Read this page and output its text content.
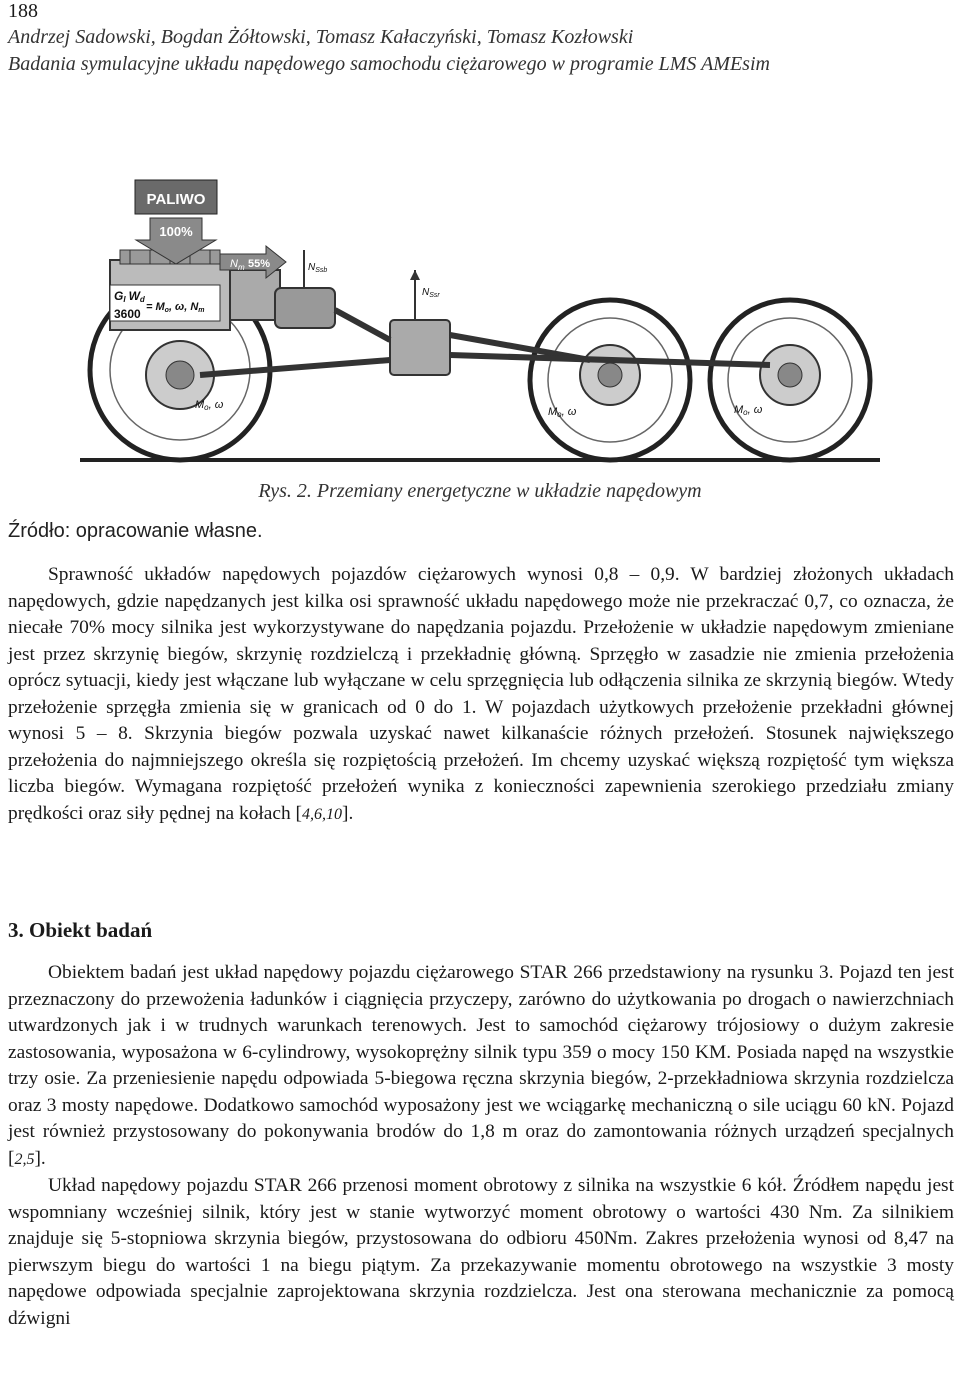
188
Andrzej Sadowski, Bogdan Żółtowski, Tomasz Kałaczyński, Tomasz Kozłowski
Badania symulacyjne układu napędowego samochodu ciężarowego w programie LMS AMEsim
PALIWO
100%
$N_m$ 55%
GI Wd
= Mo, ω, Nm
3600
$N_{Ssb}$
$N_{Ssr}$
Mo, ω
Mo, ω	Mo, ω
Rys. 2. Przemiany energetyczne w układzie napędowym
Źródło: opracowanie własne.

Sprawność układów napędowych pojazdów ciężarowych wynosi 0,8 – 0,9. W bardziej złożonych układach napędowych, gdzie napędzanych jest kilka osi sprawność układu napędowego może nie przekraczać 0,7, co oznacza, że niecałe 70% mocy silnika jest wykorzystywane do napędzania pojazdu. Przełożenie w układzie napędowym zmieniane jest przez skrzynię biegów, skrzynię rozdzielczą i przekładnię główną. Sprzęgło w zasadzie nie zmienia przełożenia oprócz sytuacji, kiedy jest włączane lub wyłączane w celu sprzęgnięcia lub odłączenia silnika ze skrzynią biegów. Wtedy przełożenie sprzęgła zmienia się w granicach od 0 do 1. W pojazdach użytkowych przełożenie przekładni głównej wynosi 5 – 8. Skrzynia biegów pozwala uzyskać nawet kilkanaście różnych przełożeń. Stosunek największego przełożenia do najmniejszego określa się rozpiętością przełożeń. Im chcemy uzyskać większą rozpiętość tym większa liczba biegów. Wymagana rozpiętość przełożeń wynika z konieczności zapewnienia szerokiego przedziału zmiany prędkości oraz siły pędnej na kołach [4,6,10].

3. Obiekt badań

Obiektem badań jest układ napędowy pojazdu ciężarowego STAR 266 przedstawiony na rysunku 3. Pojazd ten jest przeznaczony do przewożenia ładunków i ciągnięcia przyczepy, zarówno do użytkowania po drogach o nawierzchniach utwardzonych jak i w trudnych warunkach terenowych. Jest to samochód ciężarowy trójosiowy o dużym zakresie zastosowania, wyposażona w 6-cylindrowy, wysokoprężny silnik typu 359 o mocy 150 KM. Posiada napęd na wszystkie trzy osie. Za przeniesienie napędu odpowiada 5-biegowa ręczna skrzynia biegów, 2-przekładniowa skrzynia rozdzielcza oraz 3 mosty napędowe. Dodatkowo samochód wyposażony jest we wciągarkę mechaniczną o sile uciągu 60 kN. Pojazd jest również przystosowany do pokonywania brodów do 1,8 m oraz do zamontowania różnych urządzeń specjalnych [2,5].

Układ napędowy pojazdu STAR 266 przenosi moment obrotowy z silnika na wszystkie 6 kół. Źródłem napędu jest wspomniany wcześniej silnik, który jest w stanie wytworzyć moment obrotowy o wartości 430 Nm. Za silnikiem znajduje się 5-stopniowa skrzynia biegów, przystosowana do odbioru 450Nm. Zakres przełożenia wynosi od 8,47 na pierwszym biegu do wartości 1 na biegu piątym. Za przekazywanie momentu obrotowego na wszystkie 3 mosty napędowe odpowiada specjalnie zaprojektowana skrzynia rozdzielcza. Jest ona sterowana mechanicznie za pomocą dźwigni
